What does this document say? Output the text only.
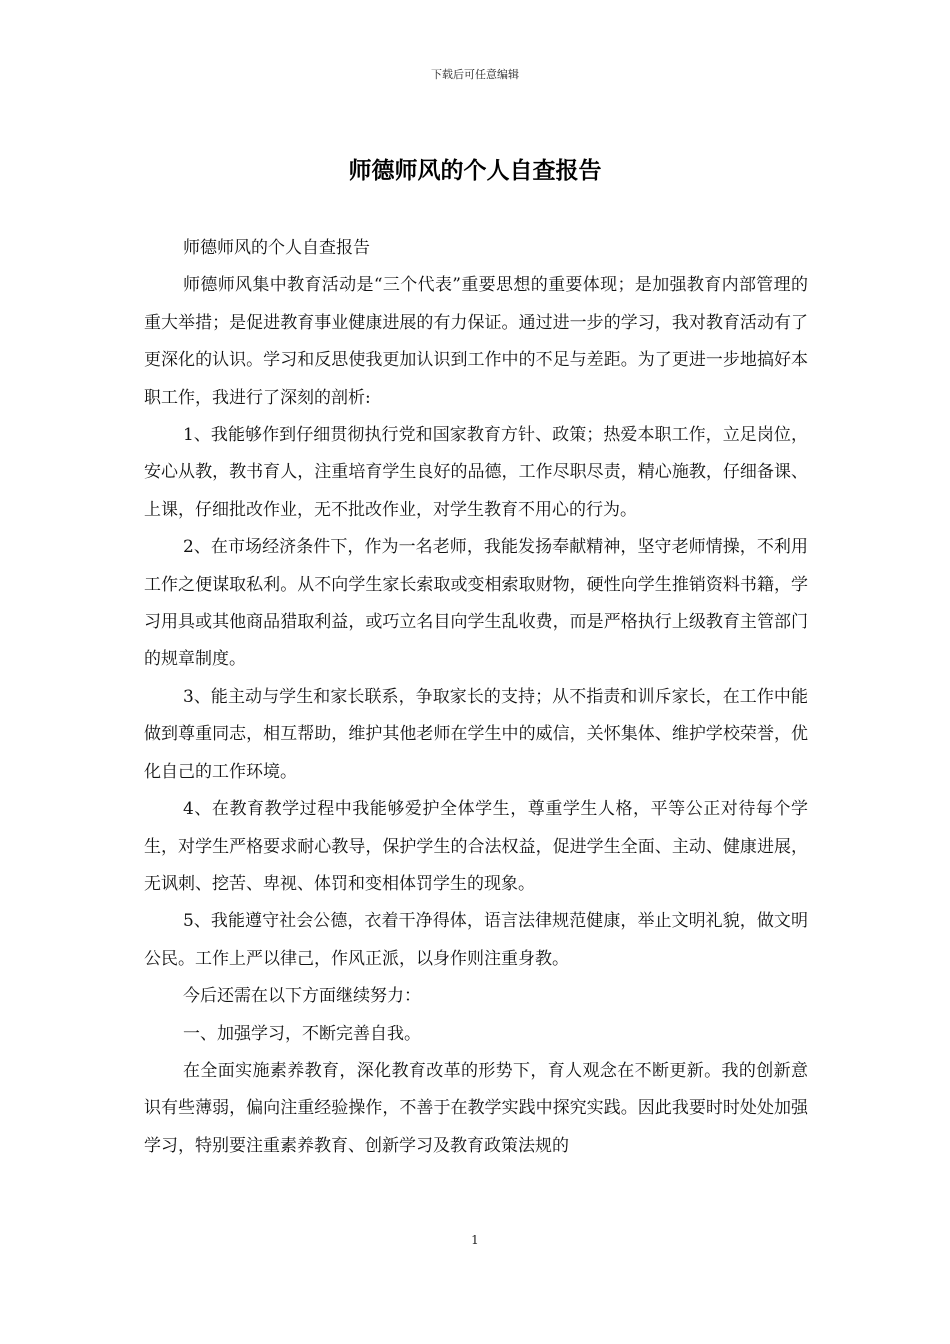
下载后可任意编辑
师德师风的个人自查报告

师德师风的个人自查报告

师德师风集中教育活动是“三个代表”重要思想的重要体现；是加强教育内部管理的重大举措；是促进教育事业健康进展的有力保证。通过进一步的学习，我对教育活动有了更深化的认识。学习和反思使我更加认识到工作中的不足与差距。为了更进一步地搞好本职工作，我进行了深刻的剖析:

1、我能够作到仔细贯彻执行党和国家教育方针、政策；热爱本职工作，立足岗位，安心从教，教书育人，注重培育学生良好的品德，工作尽职尽责，精心施教，仔细备课、上课，仔细批改作业，无不批改作业，对学生教育不用心的行为。

2、在市场经济条件下，作为一名老师，我能发扬奉献精神，坚守老师情操，不利用工作之便谋取私利。从不向学生家长索取或变相索取财物，硬性向学生推销资料书籍，学习用具或其他商品猎取利益，或巧立名目向学生乱收费，而是严格执行上级教育主管部门的规章制度。

3、能主动与学生和家长联系，争取家长的支持；从不指责和训斥家长，在工作中能做到尊重同志，相互帮助，维护其他老师在学生中的威信，关怀集体、维护学校荣誉，优化自己的工作环境。

4、在教育教学过程中我能够爱护全体学生，尊重学生人格，平等公正对待每个学生，对学生严格要求耐心教导，保护学生的合法权益，促进学生全面、主动、健康进展，无讽刺、挖苦、卑视、体罚和变相体罚学生的现象。

5、我能遵守社会公德，衣着干净得体，语言法律规范健康，举止文明礼貌，做文明公民。工作上严以律己，作风正派，以身作则注重身教。

今后还需在以下方面继续努力：

一、加强学习，不断完善自我。

在全面实施素养教育，深化教育改革的形势下，育人观念在不断更新。我的创新意识有些薄弱，偏向注重经验操作，不善于在教学实践中探究实践。因此我要时时处处加强学习，特别要注重素养教育、创新学习及教育政策法规的

1
